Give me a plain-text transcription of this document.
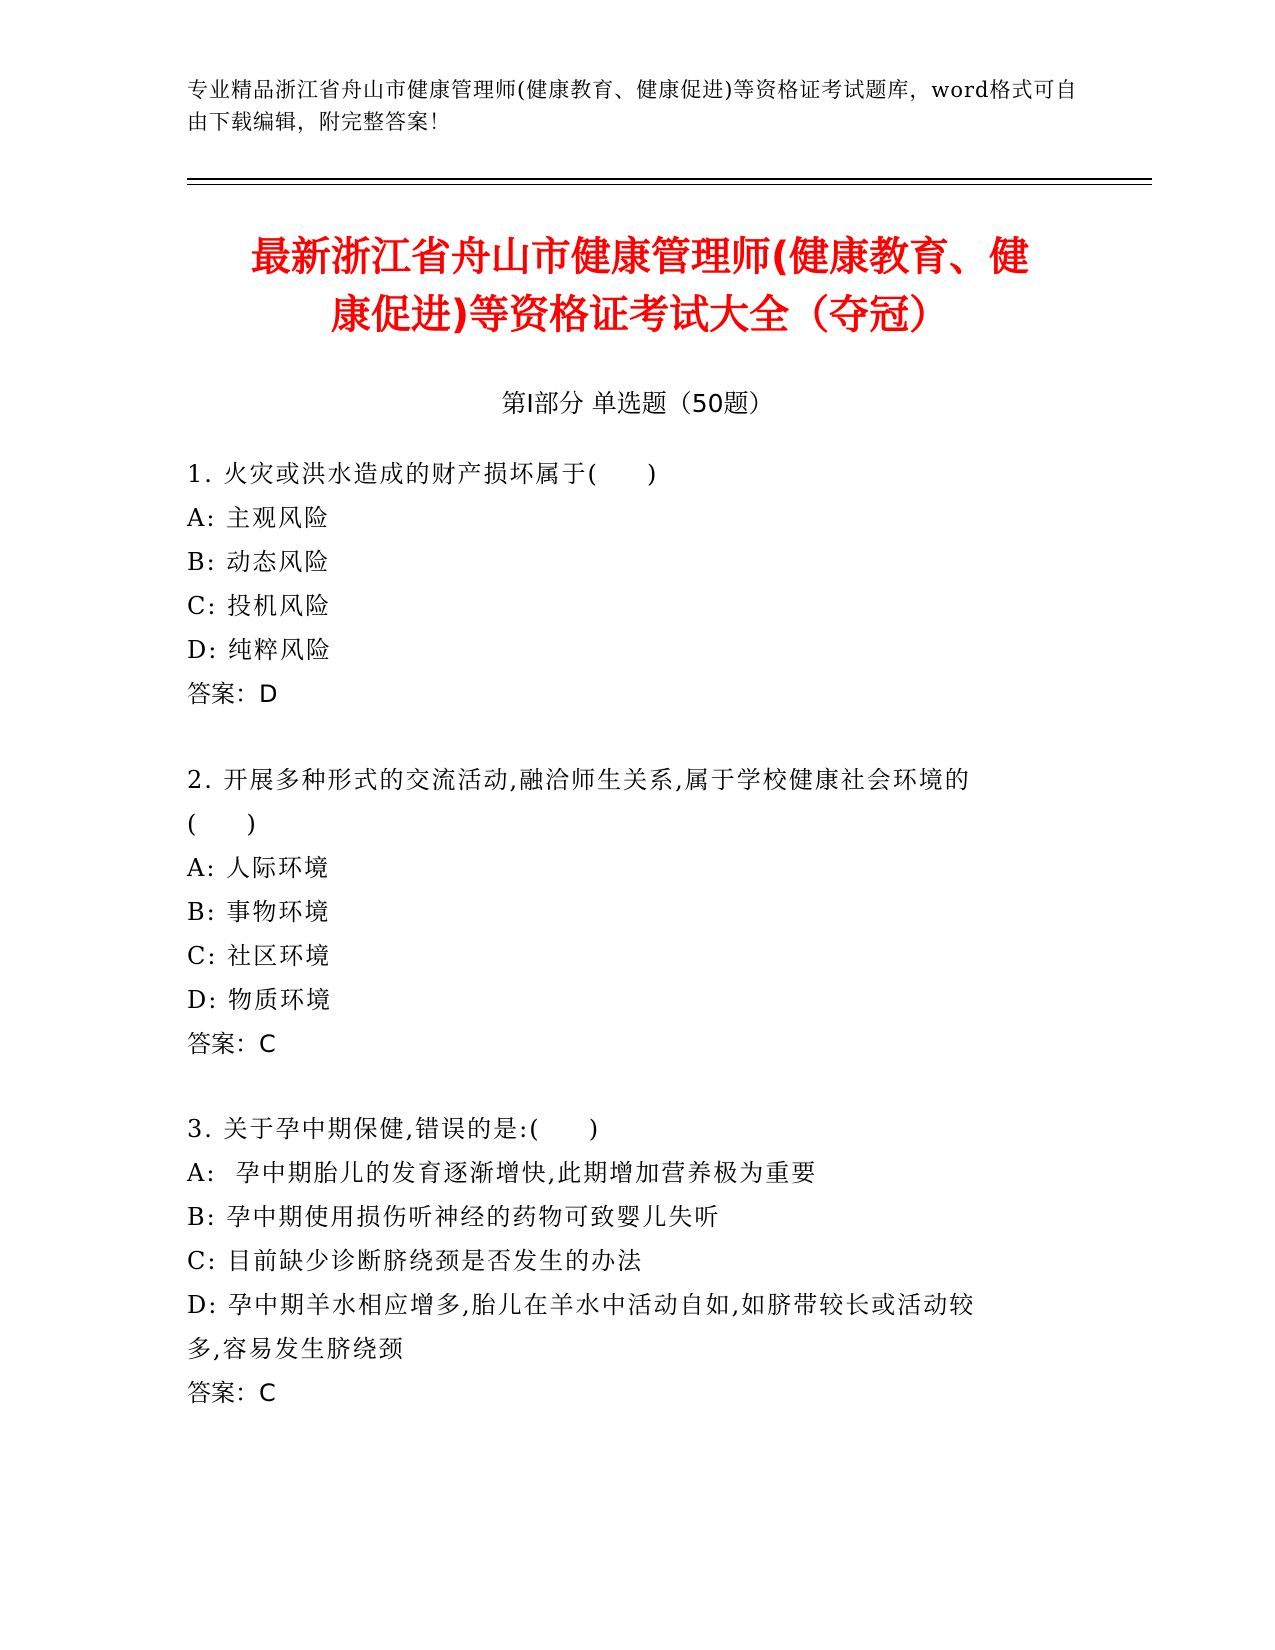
专业精品浙江省舟山市健康管理师(健康教育、健康促进)等资格证考试题库，word格式可自由下载编辑，附完整答案！
最新浙江省舟山市健康管理师(健康教育、健
康促进)等资格证考试大全（夺冠）
第Ⅰ部分 单选题（50题）
1. 火灾或洪水造成的财产损坏属于(     )
A: 主观风险
B: 动态风险
C: 投机风险
D: 纯粹风险
答案：D
2. 开展多种形式的交流活动,融洽师生关系,属于学校健康社会环境的
(     )
A: 人际环境
B: 事物环境
C: 社区环境
D: 物质环境
答案：C
3. 关于孕中期保健,错误的是:(     )
A:  孕中期胎儿的发育逐渐增快,此期增加营养极为重要
B: 孕中期使用损伤听神经的药物可致婴儿失听
C: 目前缺少诊断脐绕颈是否发生的办法
D: 孕中期羊水相应增多,胎儿在羊水中活动自如,如脐带较长或活动较
多,容易发生脐绕颈
答案：C
